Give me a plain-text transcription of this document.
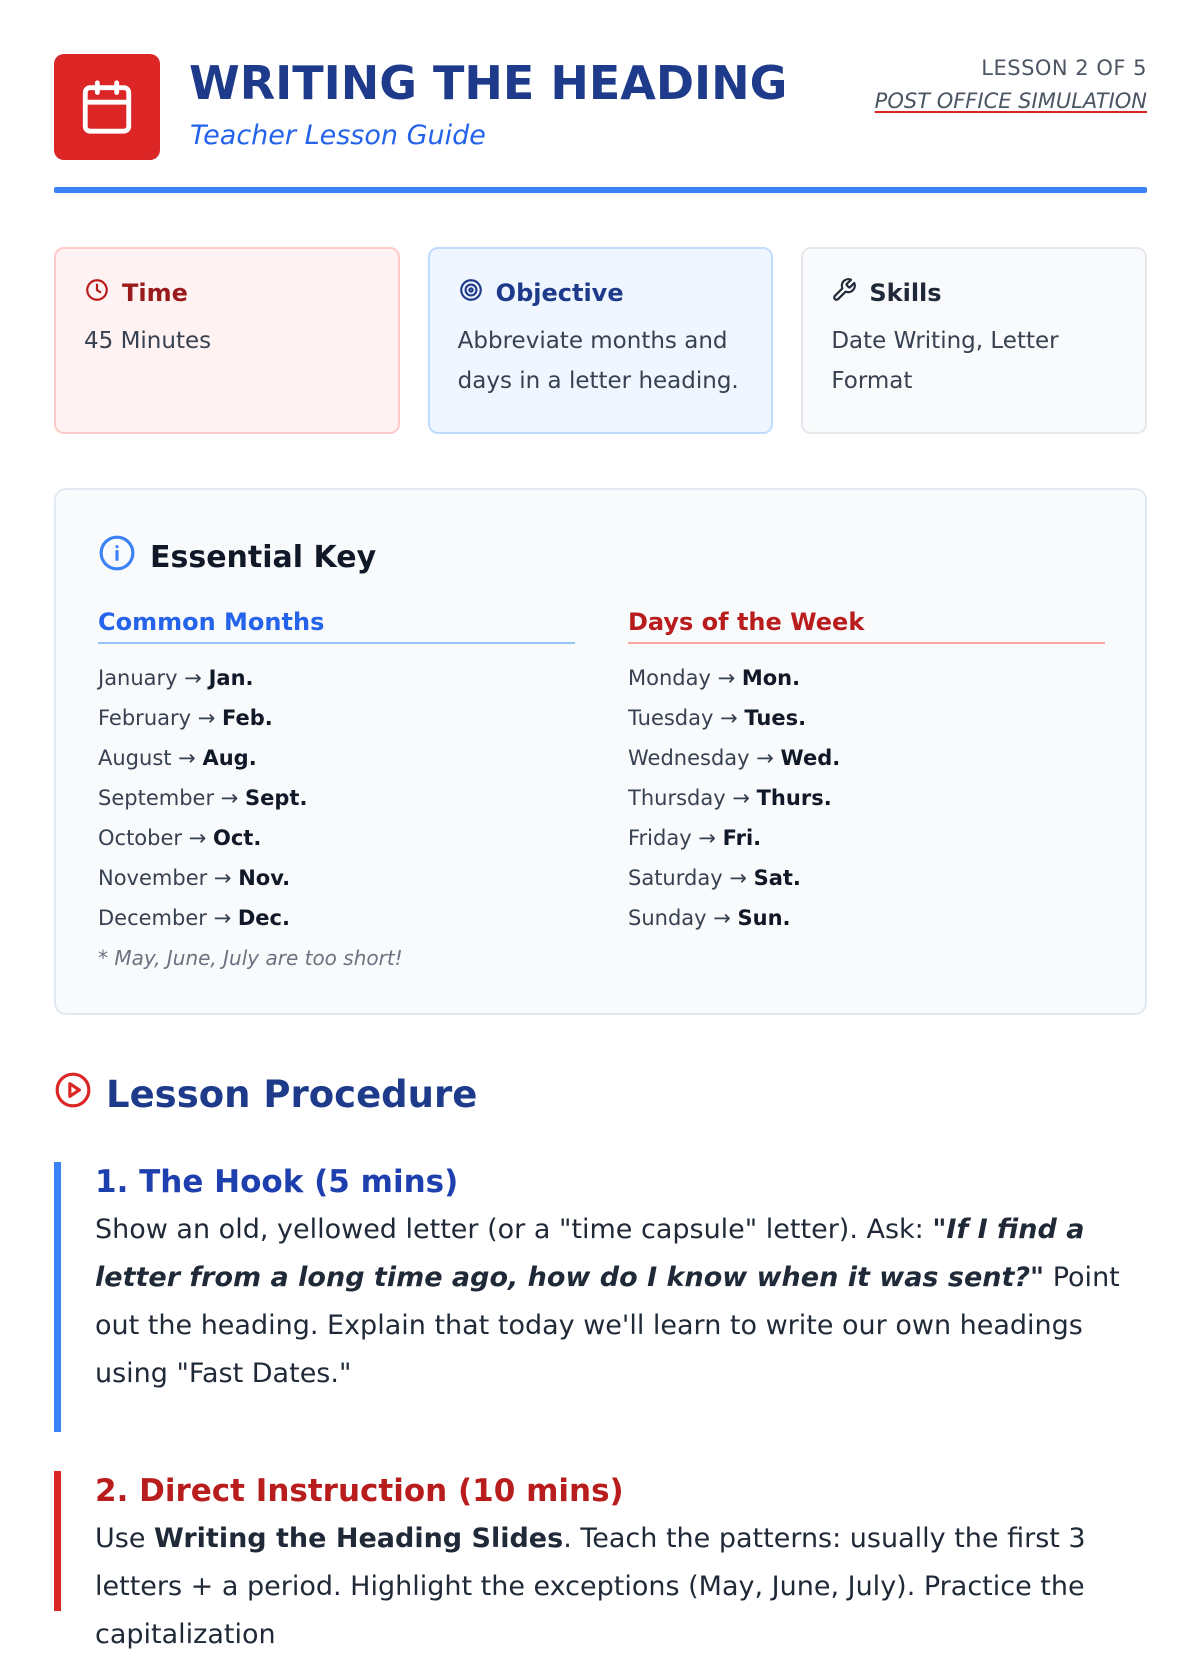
WRITING THE HEADING
Teacher Lesson Guide
LESSON 2 OF 5
POST OFFICE SIMULATION
Time
45 Minutes
Objective
Abbreviate months and days in a letter heading.
Skills
Date Writing, Letter Format
Essential Key
Common Months
January → Jan.
February → Feb.
August → Aug.
September → Sept.
October → Oct.
November → Nov.
December → Dec.
* May, June, July are too short!
Days of the Week
Monday → Mon.
Tuesday → Tues.
Wednesday → Wed.
Thursday → Thurs.
Friday → Fri.
Saturday → Sat.
Sunday → Sun.
Lesson Procedure
1. The Hook (5 mins)
Show an old, yellowed letter (or a "time capsule" letter). Ask: "If I find a letter from a long time ago, how do I know when it was sent?" Point out the heading. Explain that today we'll learn to write our own headings using "Fast Dates."
2. Direct Instruction (10 mins)
Use Writing the Heading Slides. Teach the patterns: usually the first 3 letters + a period. Highlight the exceptions (May, June, July). Practice the capitalization
